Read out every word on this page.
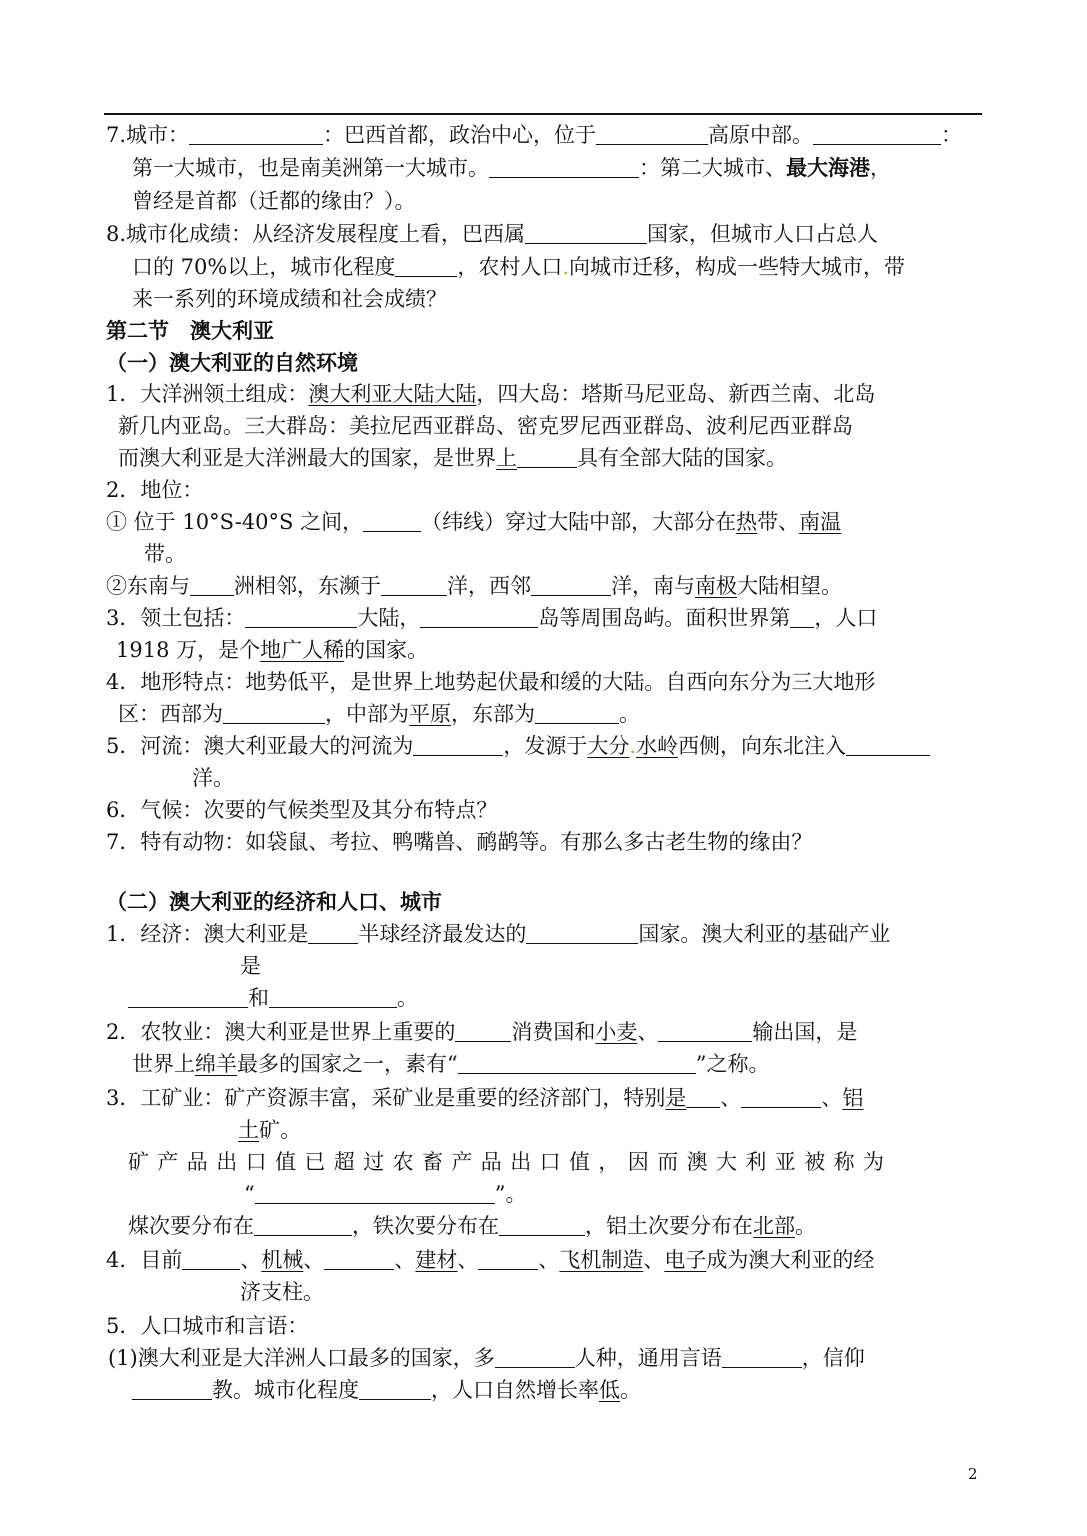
7.城市：	：巴西首都，政治中心，位于	高原中部。	：
第一大城市，也是南美洲第一大城市。	：第二大城市、最大海港，
曾经是首都（迁都的缘由？）。
8.城市化成绩：从经济发展程度上看，巴西属	国家，但城市人口占总人
口的 70%以上，城市化程度	，农村人口.向城市迁移，构成一些特大城市，带
来一系列的环境成绩和社会成绩？
第二节　澳大利亚
（一）澳大利亚的自然环境
1．大洋洲领土组成：澳大利亚大陆大陆，四大岛：塔斯马尼亚岛、新西兰南、北岛
新几内亚岛。三大群岛：美拉尼西亚群岛、密克罗尼西亚群岛、波利尼西亚群岛
而澳大利亚是大洋洲最大的国家，是世界上	具有全部大陆的国家。
2．地位：
① 位于 10°S-40°S 之间，	（纬线）穿过大陆中部，大部分在热带、南温
带。
②东南与 洲相邻，东濒于	洋，西邻	洋，南与南极大陆相望。
3．领土包括：	大陆，	岛等周围岛屿。面积世界第 ，人口
1918 万，是个地广人稀的国家。
4．地形特点：地势低平，是世界上地势起伏最和缓的大陆。自西向东分为三大地形
区：西部为	，中部为平原，东部为	。
5．河流：澳大利亚最大的河流为	，发源于大分.水岭西侧，向东北注入
洋。
6．气候：次要的气候类型及其分布特点？
7．特有动物：如袋鼠、考拉、鸭嘴兽、鸸鹋等。有那么多古老生物的缘由？
（二）澳大利亚的经济和人口、城市
1．经济：澳大利亚是 半球经济最发达的	国家。澳大利亚的基础产业
是
和	。
2．农牧业：澳大利亚是世界上重要的	消费国和小麦、	输出国，是
世界上绵羊最多的国家之一，素有“	”之称。
3．工矿业：矿产资源丰富，采矿业是重要的经济部门，特别是 、	、铝
土矿。
矿产品出口值已超过农畜产品出口值，因而澳大利亚被称为
“	”。
煤次要分布在	，铁次要分布在	，铝土次要分布在北部。
4．目前	、机械、	、建材、	、飞机制造、电子成为澳大利亚的经
济支柱。
5．人口城市和言语：
(1)澳大利亚是大洋洲人口最多的国家，多	人种，通用言语	，信仰
教。城市化程度	，人口自然增长率低。
2
